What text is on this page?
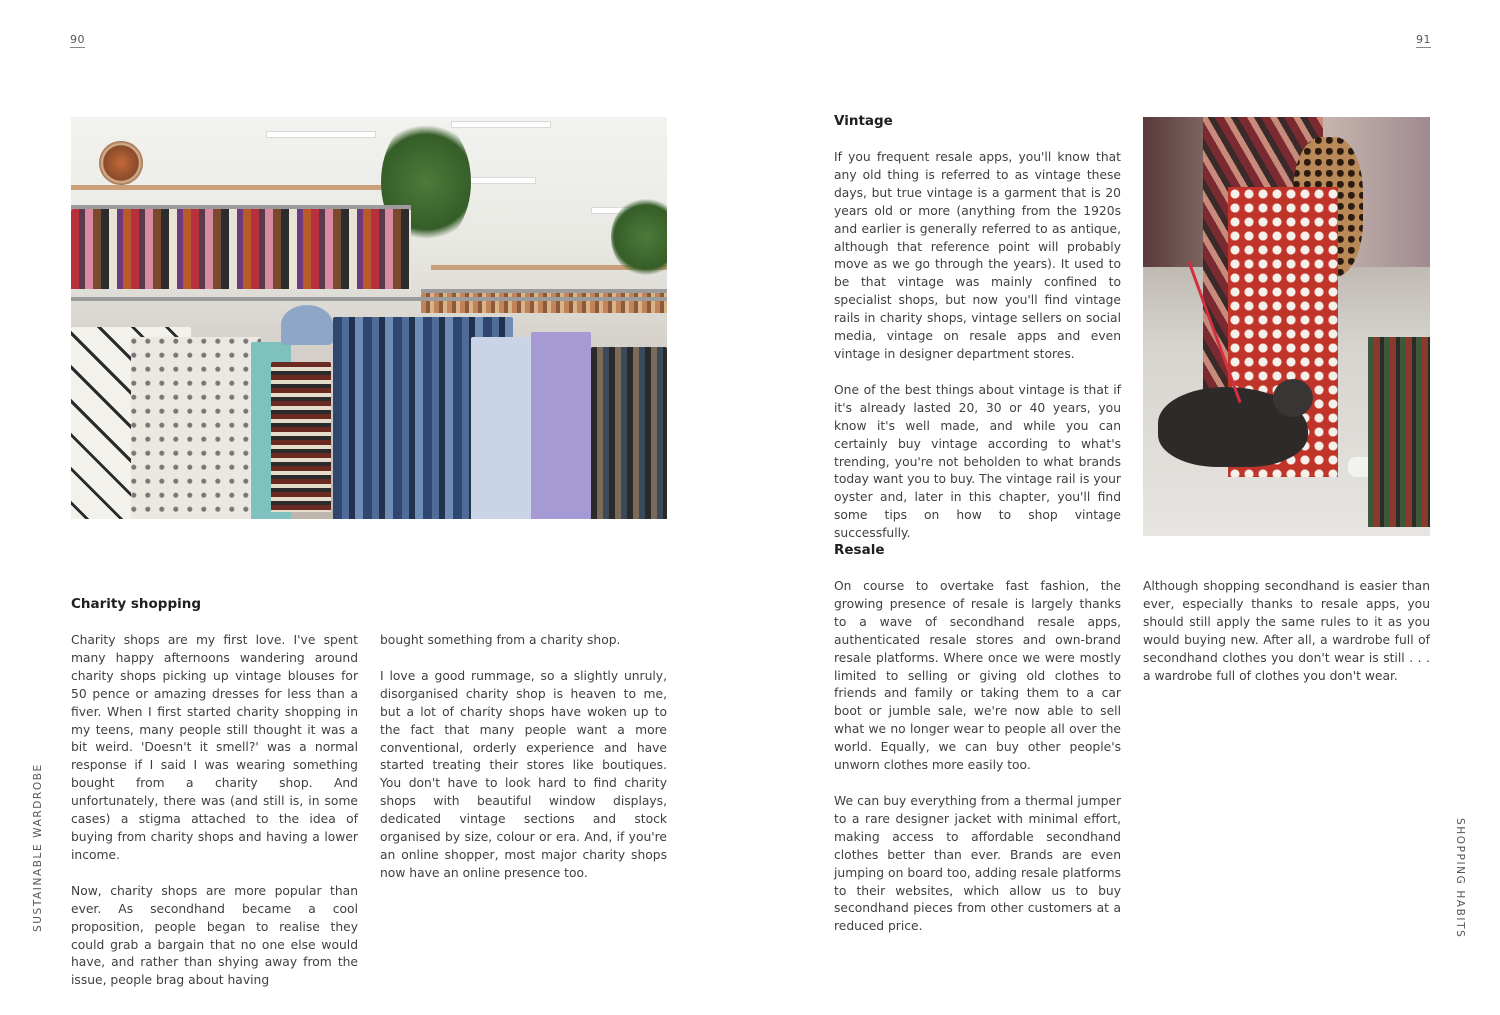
90	91
SUSTAINABLE WARDROBE	SHOPPING HABITS
Charity shopping

Charity shops are my first love. I've spent many happy afternoons wandering around charity shops picking up vintage blouses for 50 pence or amazing dresses for less than a fiver. When I first started charity shopping in my teens, many people still thought it was a bit weird. 'Doesn't it smell?' was a normal response if I said I was wearing something bought from a charity shop. And unfortunately, there was (and still is, in some cases) a stigma attached to the idea of buying from charity shops and having a lower income.

Now, charity shops are more popular than ever. As secondhand became a cool proposition, people began to realise they could grab a bargain that no one else would have, and rather than shying away from the issue, people brag about having

bought something from a charity shop.

I love a good rummage, so a slightly unruly, disorganised charity shop is heaven to me, but a lot of charity shops have woken up to the fact that many people want a more conventional, orderly experience and have started treating their stores like boutiques. You don't have to look hard to find charity shops with beautiful window displays, dedicated vintage sections and stock organised by size, colour or era. And, if you're an online shopper, most major charity shops now have an online presence too.

Vintage

If you frequent resale apps, you'll know that any old thing is referred to as vintage these days, but true vintage is a garment that is 20 years old or more (anything from the 1920s and earlier is generally referred to as antique, although that reference point will probably move as we go through the years). It used to be that vintage was mainly confined to specialist shops, but now you'll find vintage rails in charity shops, vintage sellers on social media, vintage on resale apps and even vintage in designer department stores.

One of the best things about vintage is that if it's already lasted 20, 30 or 40 years, you know it's well made, and while you can certainly buy vintage according to what's trending, you're not beholden to what brands today want you to buy. The vintage rail is your oyster and, later in this chapter, you'll find some tips on how to shop vintage successfully.

Resale

On course to overtake fast fashion, the growing presence of resale is largely thanks to a wave of secondhand resale apps, authenticated resale stores and own-brand resale platforms. Where once we were mostly limited to selling or giving old clothes to friends and family or taking them to a car boot or jumble sale, we're now able to sell what we no longer wear to people all over the world. Equally, we can buy other people's unworn clothes more easily too.

We can buy everything from a thermal jumper to a rare designer jacket with minimal effort, making access to affordable secondhand clothes better than ever. Brands are even jumping on board too, adding resale platforms to their websites, which allow us to buy secondhand pieces from other customers at a reduced price.

Although shopping secondhand is easier than ever, especially thanks to resale apps, you should still apply the same rules to it as you would buying new. After all, a wardrobe full of secondhand clothes you don't wear is still . . . a wardrobe full of clothes you don't wear.
